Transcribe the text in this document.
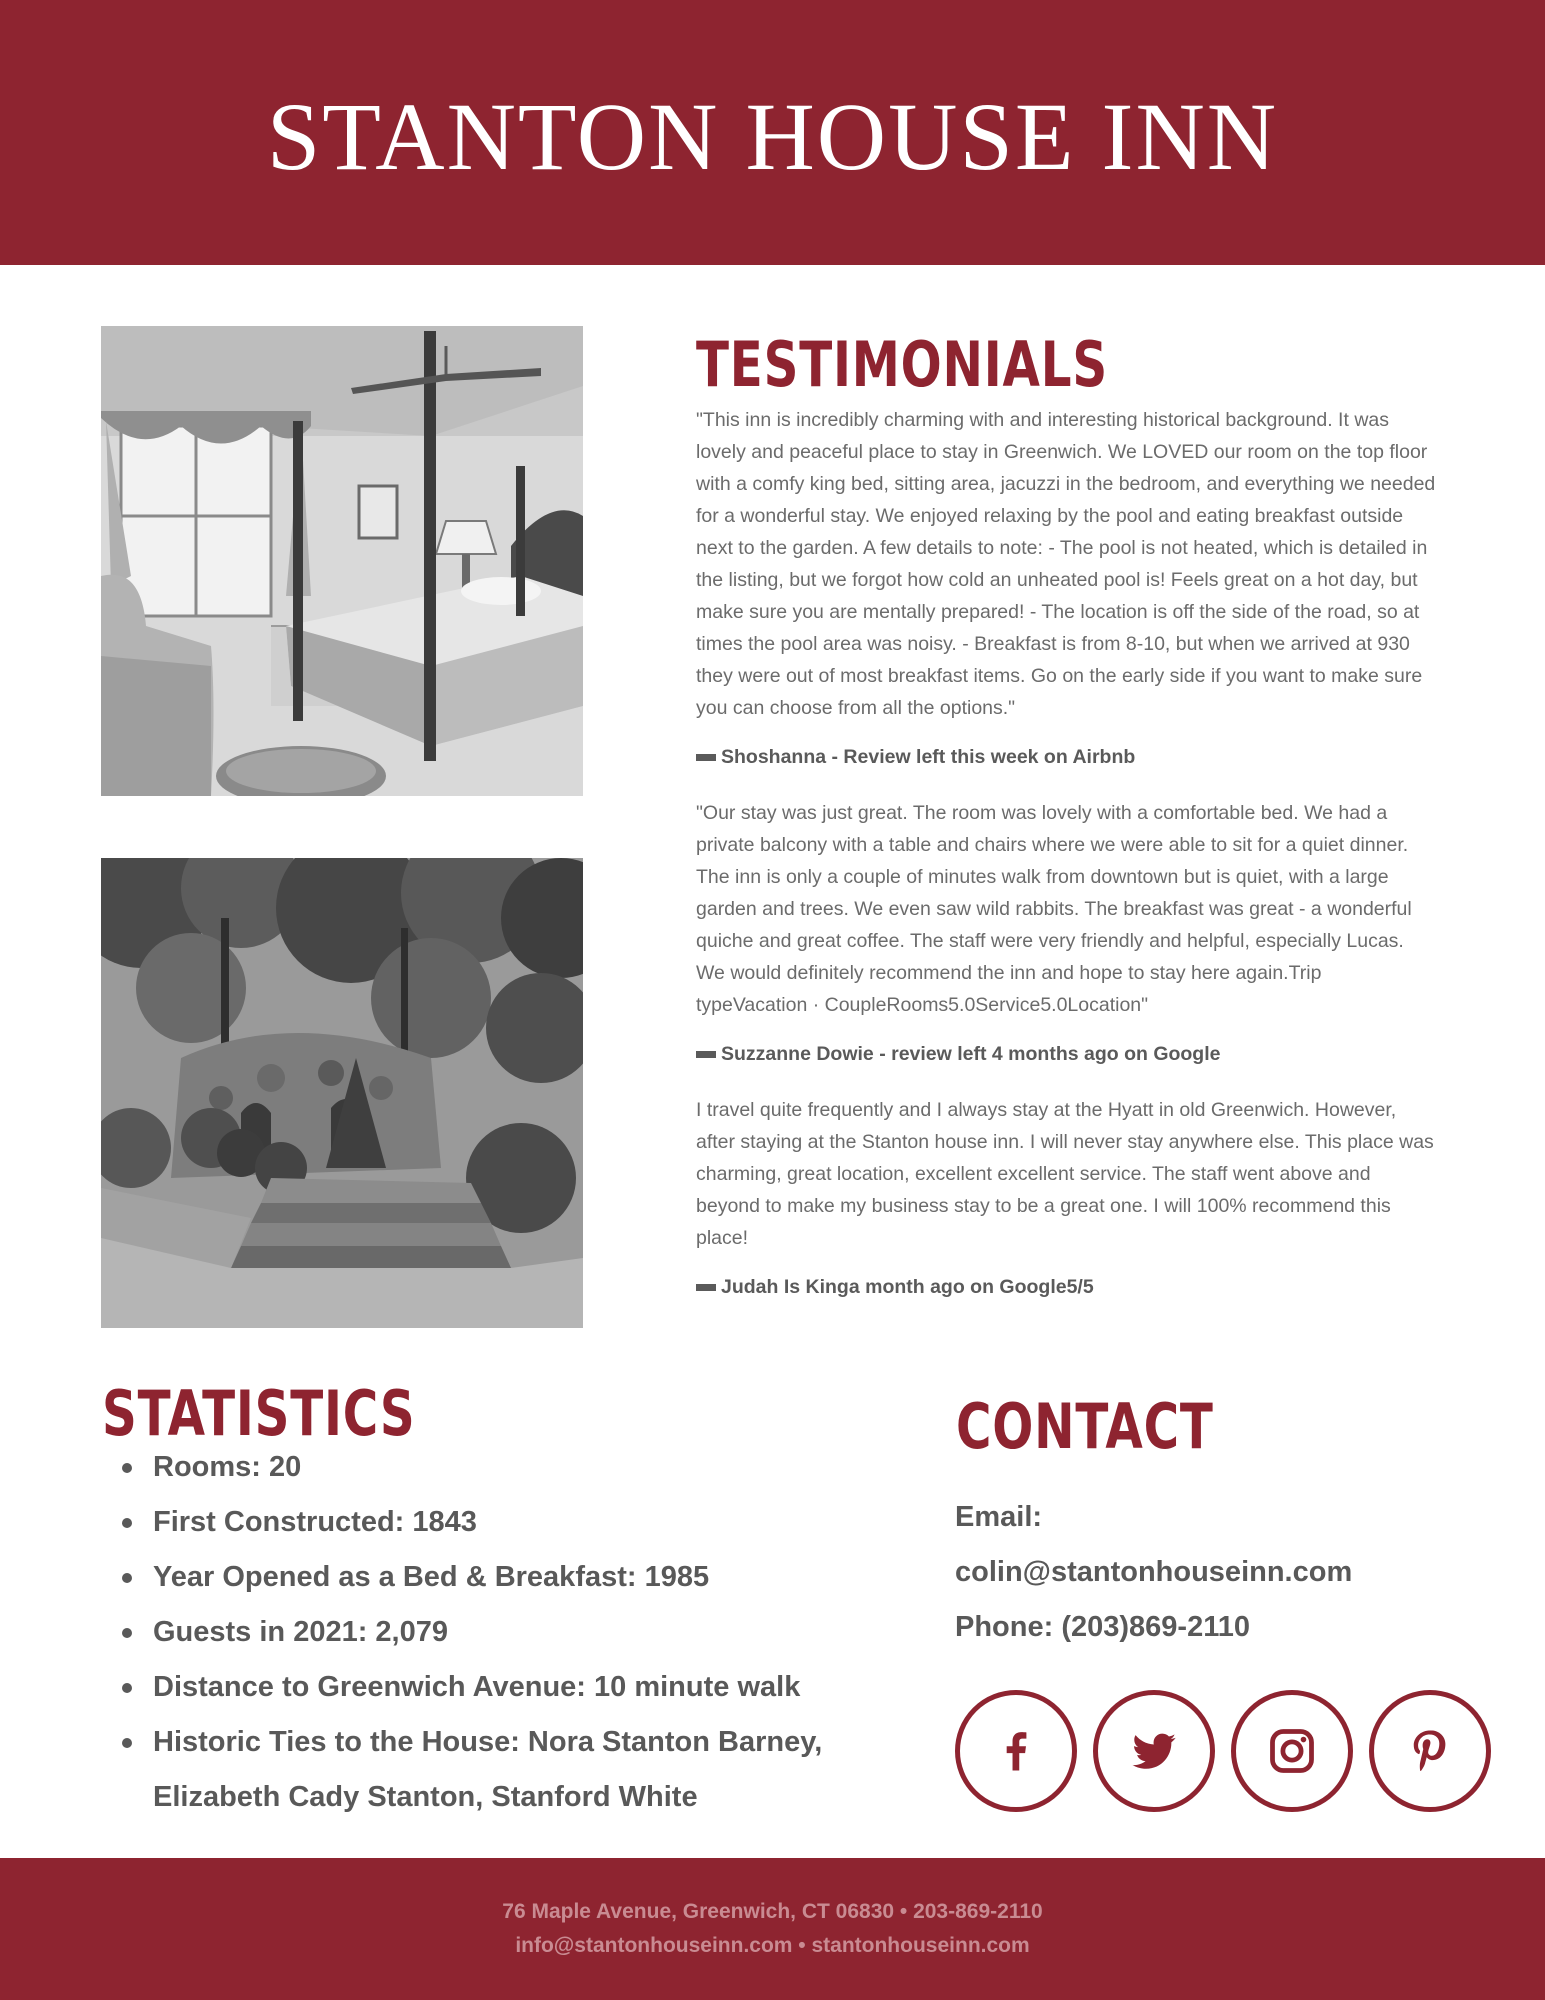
STANTON HOUSE INN
TESTIMONIALS

"This inn is incredibly charming with and interesting historical background. It was lovely and peaceful place to stay in Greenwich. We LOVED our room on the top floor with a comfy king bed, sitting area, jacuzzi in the bedroom, and everything we needed for a wonderful stay. We enjoyed relaxing by the pool and eating breakfast outside next to the garden. A few details to note: - The pool is not heated, which is detailed in the listing, but we forgot how cold an unheated pool is! Feels great on a hot day, but make sure you are mentally prepared! - The location is off the side of the road, so at times the pool area was noisy. - Breakfast is from 8-10, but when we arrived at 930 they were out of most breakfast items. Go on the early side if you want to make sure you can choose from all the options."

Shoshanna - Review left this week on Airbnb

"Our stay was just great. The room was lovely with a comfortable bed. We had a private balcony with a table and chairs where we were able to sit for a quiet dinner. The inn is only a couple of minutes walk from downtown but is quiet, with a large garden and trees. We even saw wild rabbits. The breakfast was great - a wonderful quiche and great coffee. The staff were very friendly and helpful, especially Lucas. We would definitely recommend the inn and hope to stay here again.Trip typeVacation · CoupleRooms5.0Service5.0Location"

Suzzanne Dowie - review left 4 months ago on Google

I travel quite frequently and I always stay at the Hyatt in old Greenwich. However, after staying at the Stanton house inn. I will never stay anywhere else. This place was charming, great location, excellent excellent service. The staff went above and beyond to make my business stay to be a great one. I will 100% recommend this place!

Judah Is Kinga month ago on Google5/5
STATISTICS
Rooms: 20
First Constructed: 1843
Year Opened as a Bed & Breakfast: 1985
Guests in 2021: 2,079
Distance to Greenwich Avenue: 10 minute walk
Historic Ties to the House: Nora Stanton Barney, Elizabeth Cady Stanton, Stanford White
CONTACT
Email:
colin@stantonhouseinn.com
Phone: (203)869-2110
76 Maple Avenue, Greenwich, CT 06830 • 203-869-2110
info@stantonhouseinn.com • stantonhouseinn.com
